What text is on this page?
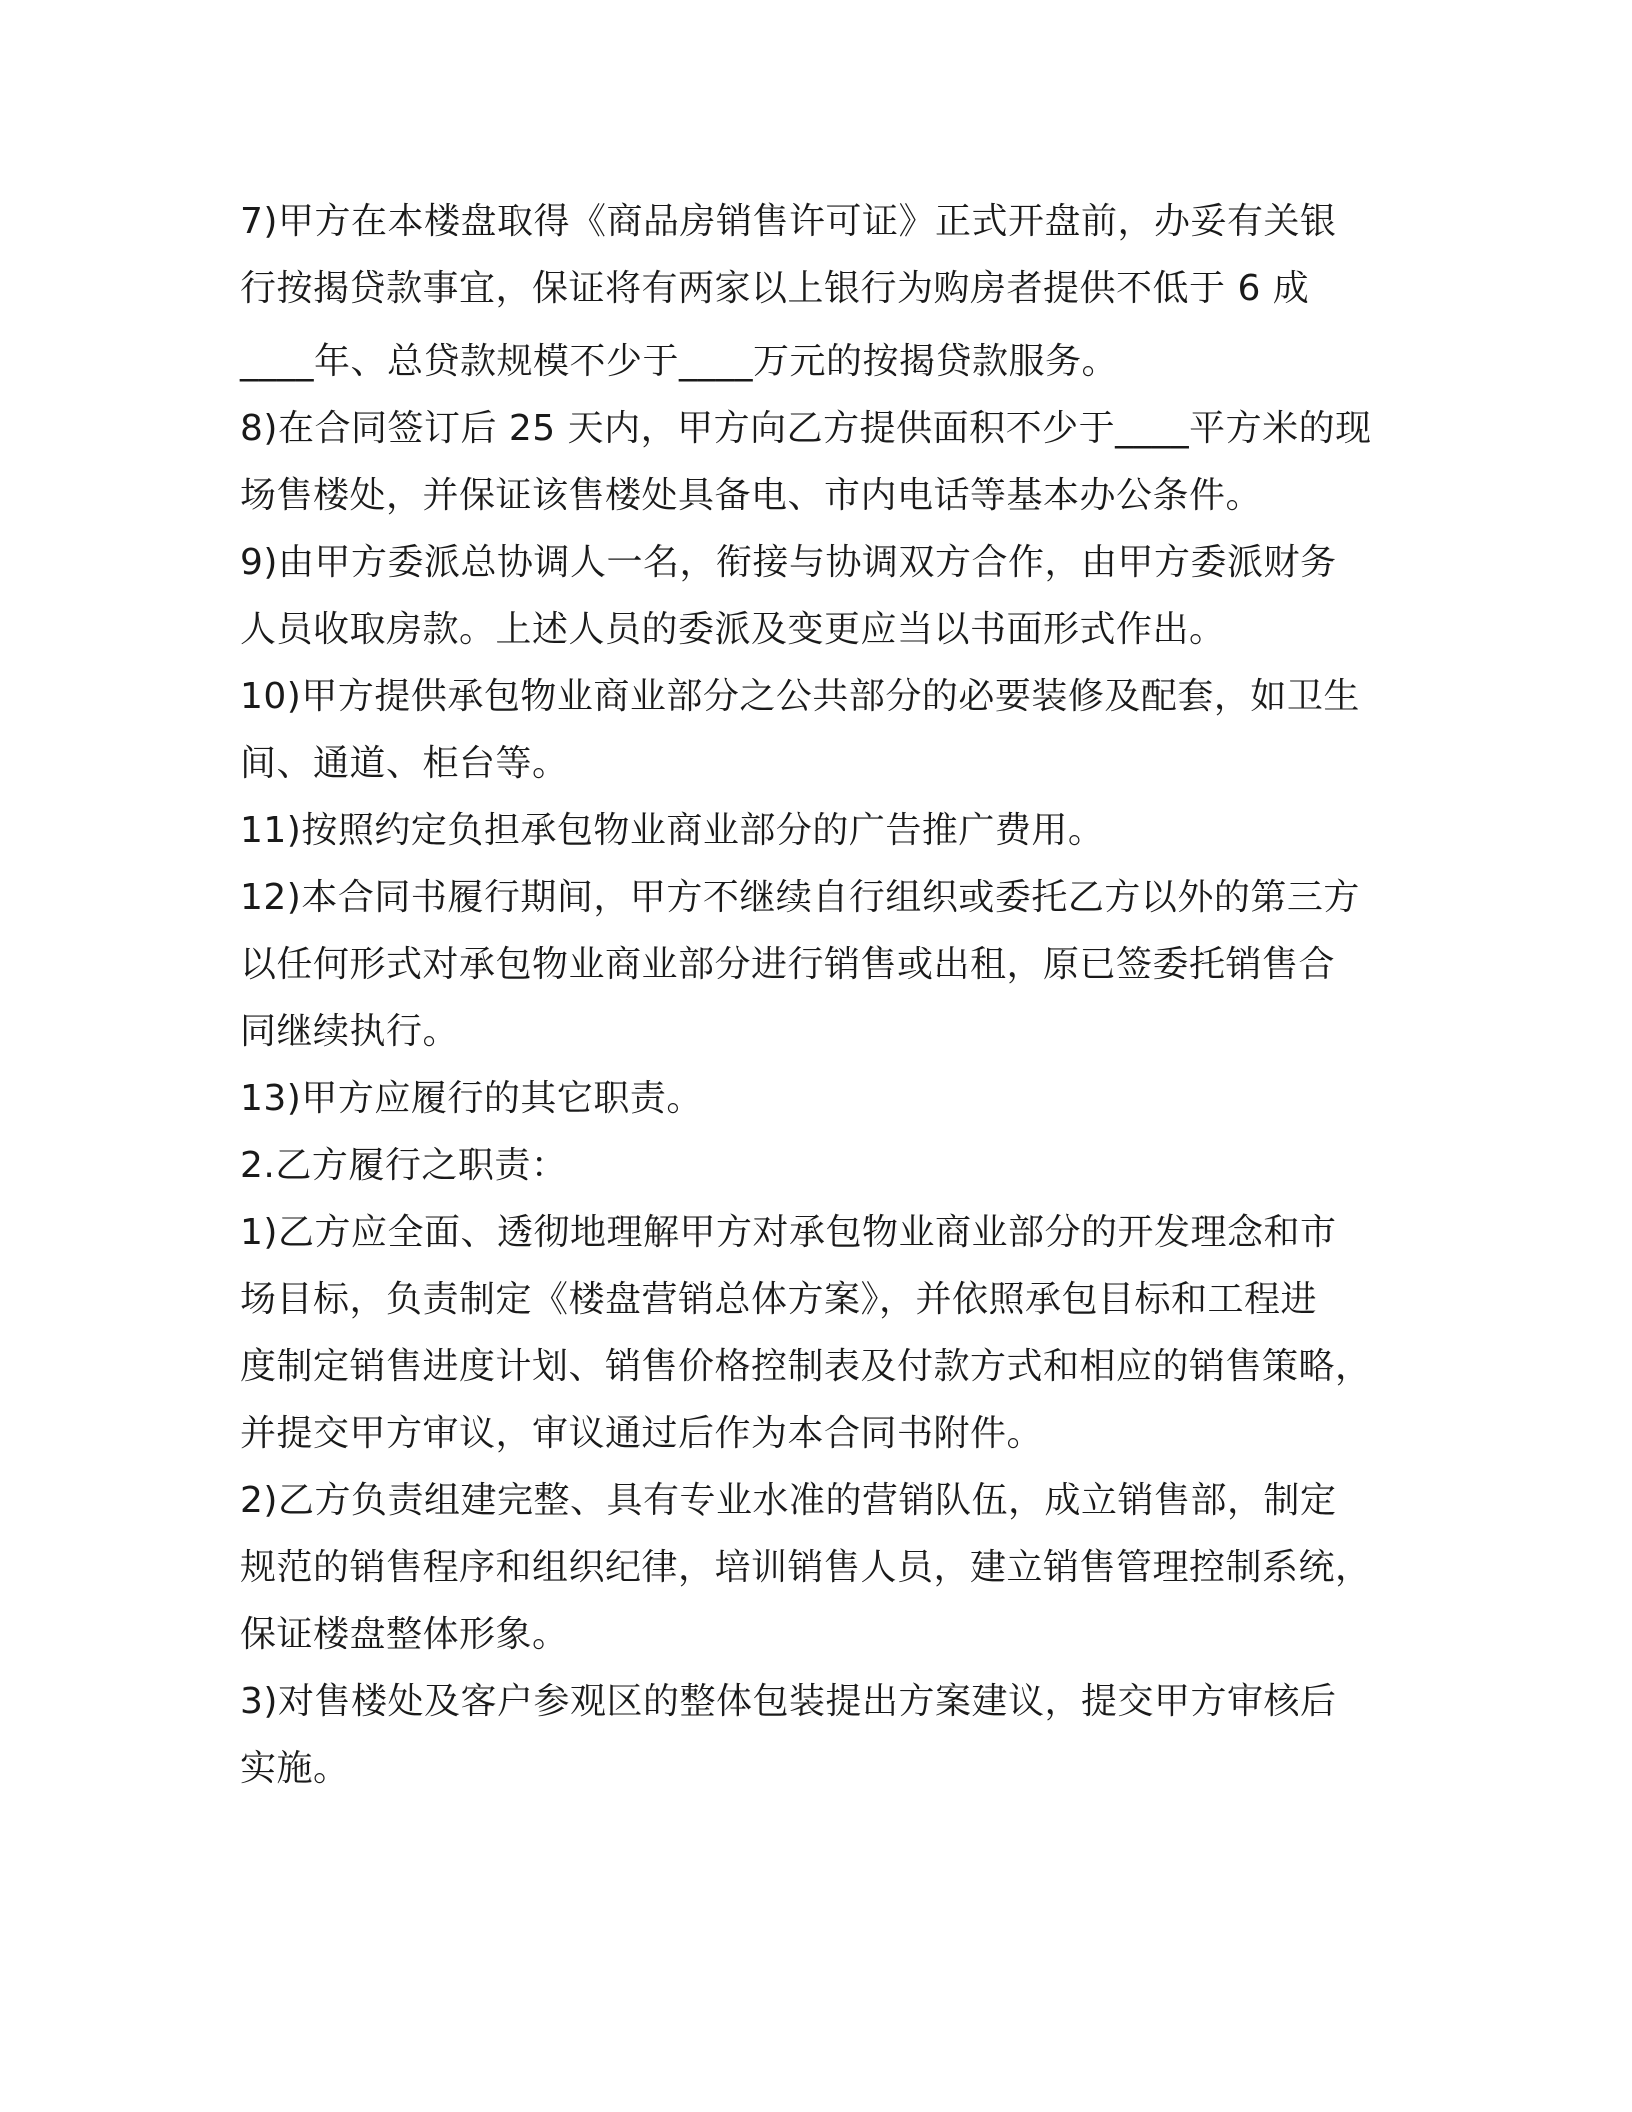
7)甲方在本楼盘取得《商品房销售许可证》正式开盘前，办妥有关银
行按揭贷款事宜，保证将有两家以上银行为购房者提供不低于 6 成
____年、总贷款规模不少于____万元的按揭贷款服务。
8)在合同签订后 25 天内，甲方向乙方提供面积不少于____平方米的现
场售楼处，并保证该售楼处具备电、市内电话等基本办公条件。
9)由甲方委派总协调人一名，衔接与协调双方合作，由甲方委派财务
人员收取房款。上述人员的委派及变更应当以书面形式作出。
10)甲方提供承包物业商业部分之公共部分的必要装修及配套，如卫生
间、通道、柜台等。
11)按照约定负担承包物业商业部分的广告推广费用。
12)本合同书履行期间，甲方不继续自行组织或委托乙方以外的第三方
以任何形式对承包物业商业部分进行销售或出租，原已签委托销售合
同继续执行。
13)甲方应履行的其它职责。
2.乙方履行之职责：
1)乙方应全面、透彻地理解甲方对承包物业商业部分的开发理念和市
场目标，负责制定《楼盘营销总体方案》，并依照承包目标和工程进
度制定销售进度计划、销售价格控制表及付款方式和相应的销售策略，
并提交甲方审议，审议通过后作为本合同书附件。
2)乙方负责组建完整、具有专业水准的营销队伍，成立销售部，制定
规范的销售程序和组织纪律，培训销售人员，建立销售管理控制系统，
保证楼盘整体形象。
3)对售楼处及客户参观区的整体包装提出方案建议，提交甲方审核后
实施。
